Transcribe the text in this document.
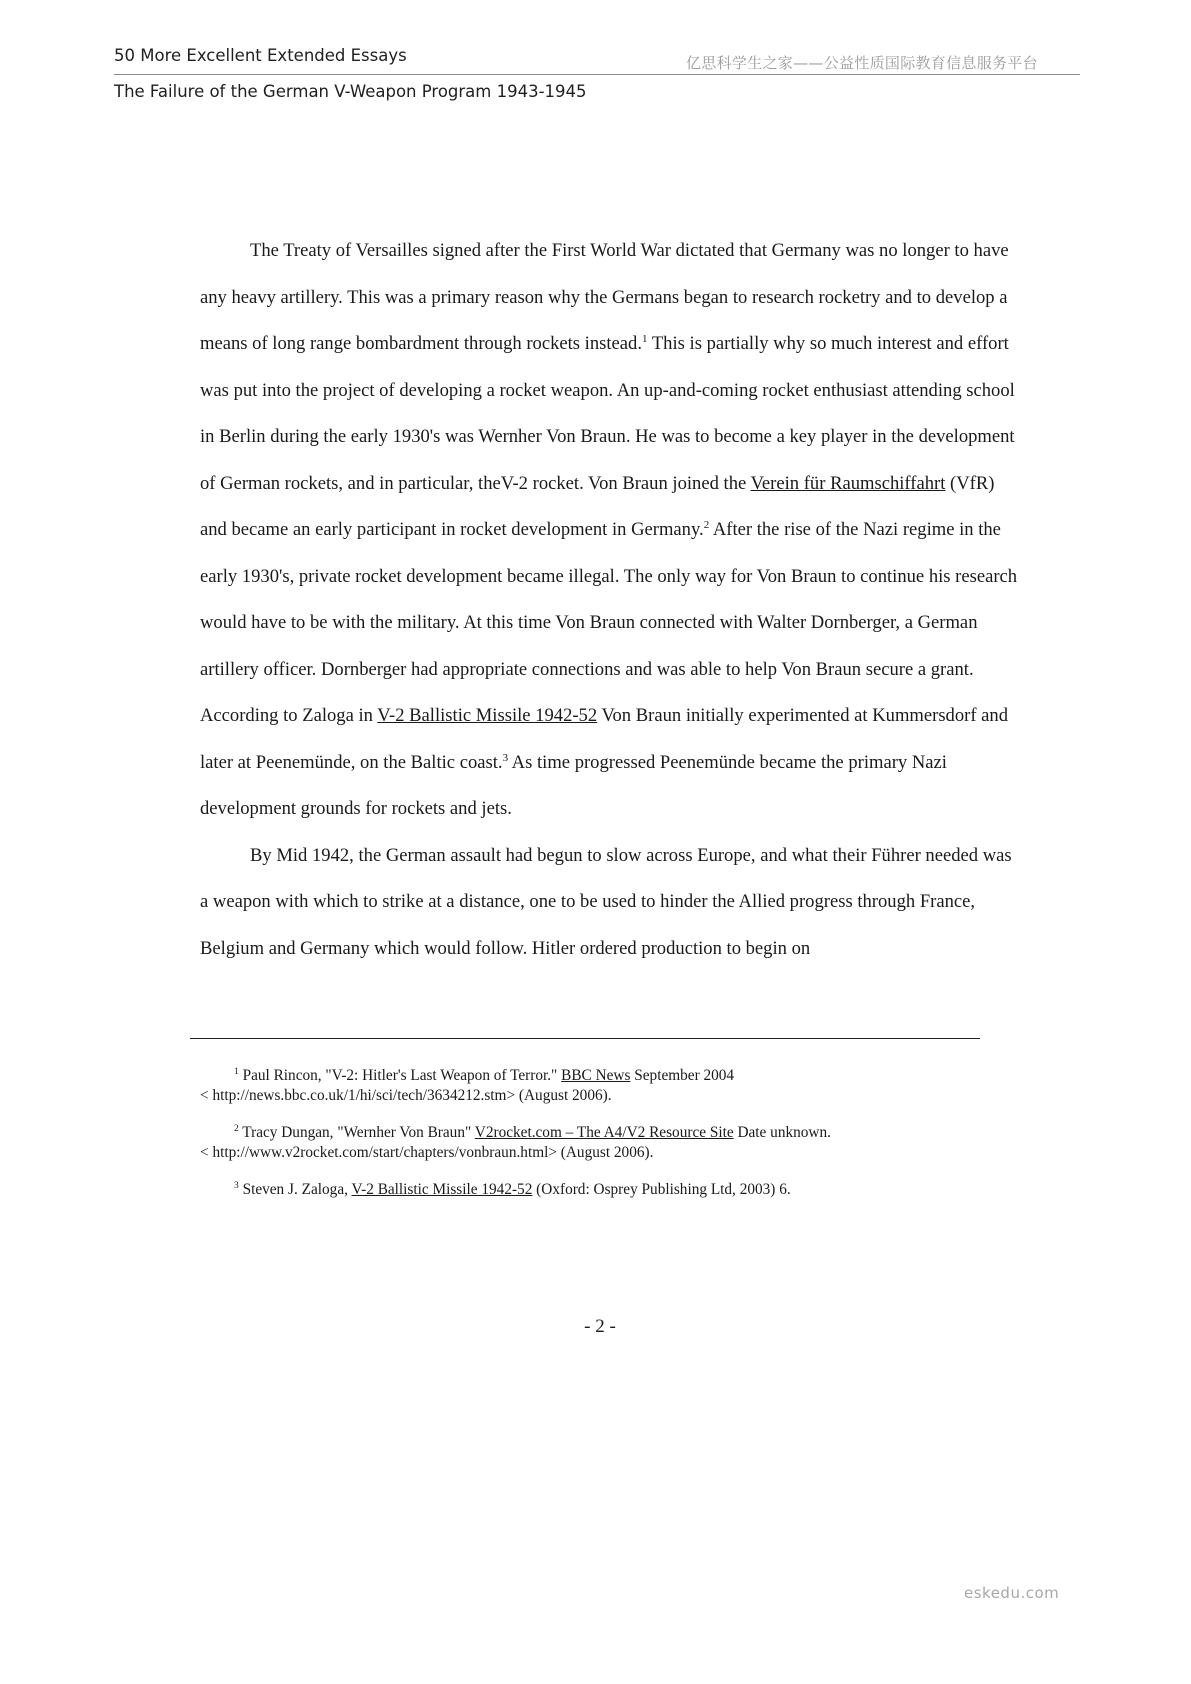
50 More Excellent Extended Essays	亿思科学生之家——公益性质国际教育信息服务平台
The Failure of the German V-Weapon Program 1943-1945

The Treaty of Versailles signed after the First World War dictated that Germany was no longer to have any heavy artillery. This was a primary reason why the Germans began to research rocketry and to develop a means of long range bombardment through rockets instead.$^1$ This is partially why so much interest and effort was put into the project of developing a rocket weapon. An up-and-coming rocket enthusiast attending school in Berlin during the early 1930's was Wernher Von Braun. He was to become a key player in the development of German rockets, and in particular, theV-2 rocket. Von Braun joined the Verein für Raumschiffahrt (VfR) and became an early participant in rocket development in Germany.$^2$ After the rise of the Nazi regime in the early 1930's, private rocket development became illegal. The only way for Von Braun to continue his research would have to be with the military. At this time Von Braun connected with Walter Dornberger, a German artillery officer. Dornberger had appropriate connections and was able to help Von Braun secure a grant. According to Zaloga in V-2 Ballistic Missile 1942-52 Von Braun initially experimented at Kummersdorf and later at Peenemünde, on the Baltic coast.$^3$ As time progressed Peenemünde became the primary Nazi development grounds for rockets and jets.

By Mid 1942, the German assault had begun to slow across Europe, and what their Führer needed was a weapon with which to strike at a distance, one to be used to hinder the Allied progress through France, Belgium and Germany which would follow. Hitler ordered production to begin on

$^1$ Paul Rincon, "V-2: Hitler's Last Weapon of Terror." BBC News September 2004
< http://news.bbc.co.uk/1/hi/sci/tech/3634212.stm> (August 2006).
$^2$ Tracy Dungan, "Wernher Von Braun" V2rocket.com – The A4/V2 Resource Site Date unknown.
< http://www.v2rocket.com/start/chapters/vonbraun.html> (August 2006).
$^3$ Steven J. Zaloga, V-2 Ballistic Missile 1942-52 (Oxford: Osprey Publishing Ltd, 2003) 6.
- 2 -
eskedu.com
